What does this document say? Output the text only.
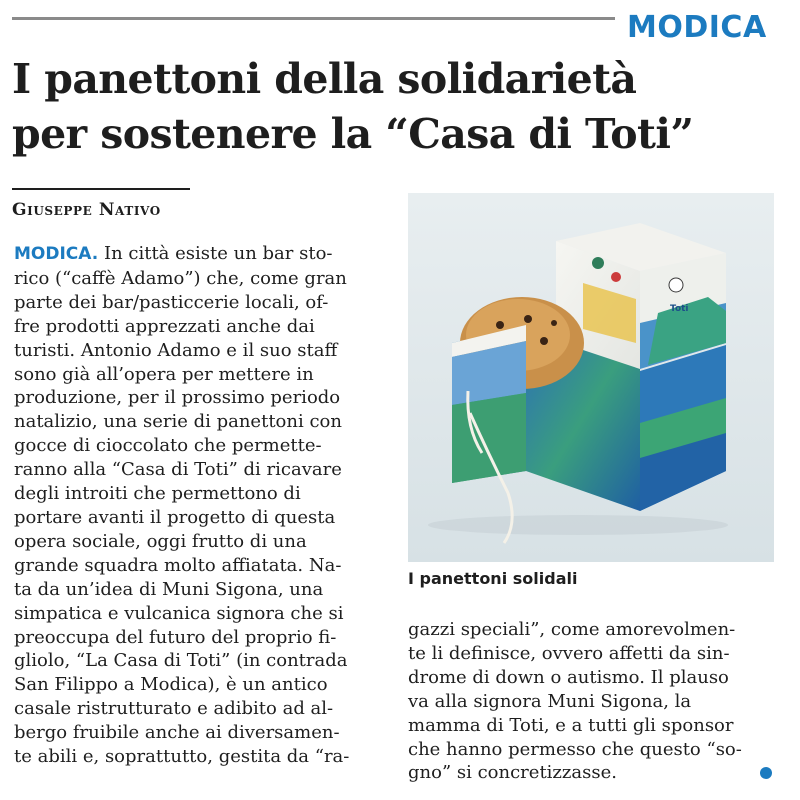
MODICA
I panettoni della solidarietà
per sostenere la “Casa di Toti”
Giuseppe Nativo
MODICA. In città esiste un bar sto-
rico (“caffè Adamo”) che, come gran
parte dei bar/pasticcerie locali, of-
fre prodotti apprezzati anche dai
turisti. Antonio Adamo e il suo staff
sono già all’opera per mettere in
produzione, per il prossimo periodo
natalizio, una serie di panettoni con
gocce di cioccolato che permette-
ranno alla “Casa di Toti” di ricavare
degli introiti che permettono di
portare avanti il progetto di questa
opera sociale, oggi frutto di una
grande squadra molto affiatata. Na-
ta da un’idea di Muni Sigona, una
simpatica e vulcanica signora che si
preoccupa del futuro del proprio fi-
gliolo, “La Casa di Toti” (in contrada
San Filippo a Modica), è un antico
casale ristrutturato e adibito ad al-
bergo fruibile anche ai diversamen-
te abili e, soprattutto, gestita da “ra-
Toti
I panettoni solidali
gazzi speciali”, come amorevolmen-
te li definisce, ovvero affetti da sin-
drome di down o autismo. Il plauso
va alla signora Muni Sigona, la
mamma di Toti, e a tutti gli sponsor
che hanno permesso che questo “so-
gno” si concretizzasse.
